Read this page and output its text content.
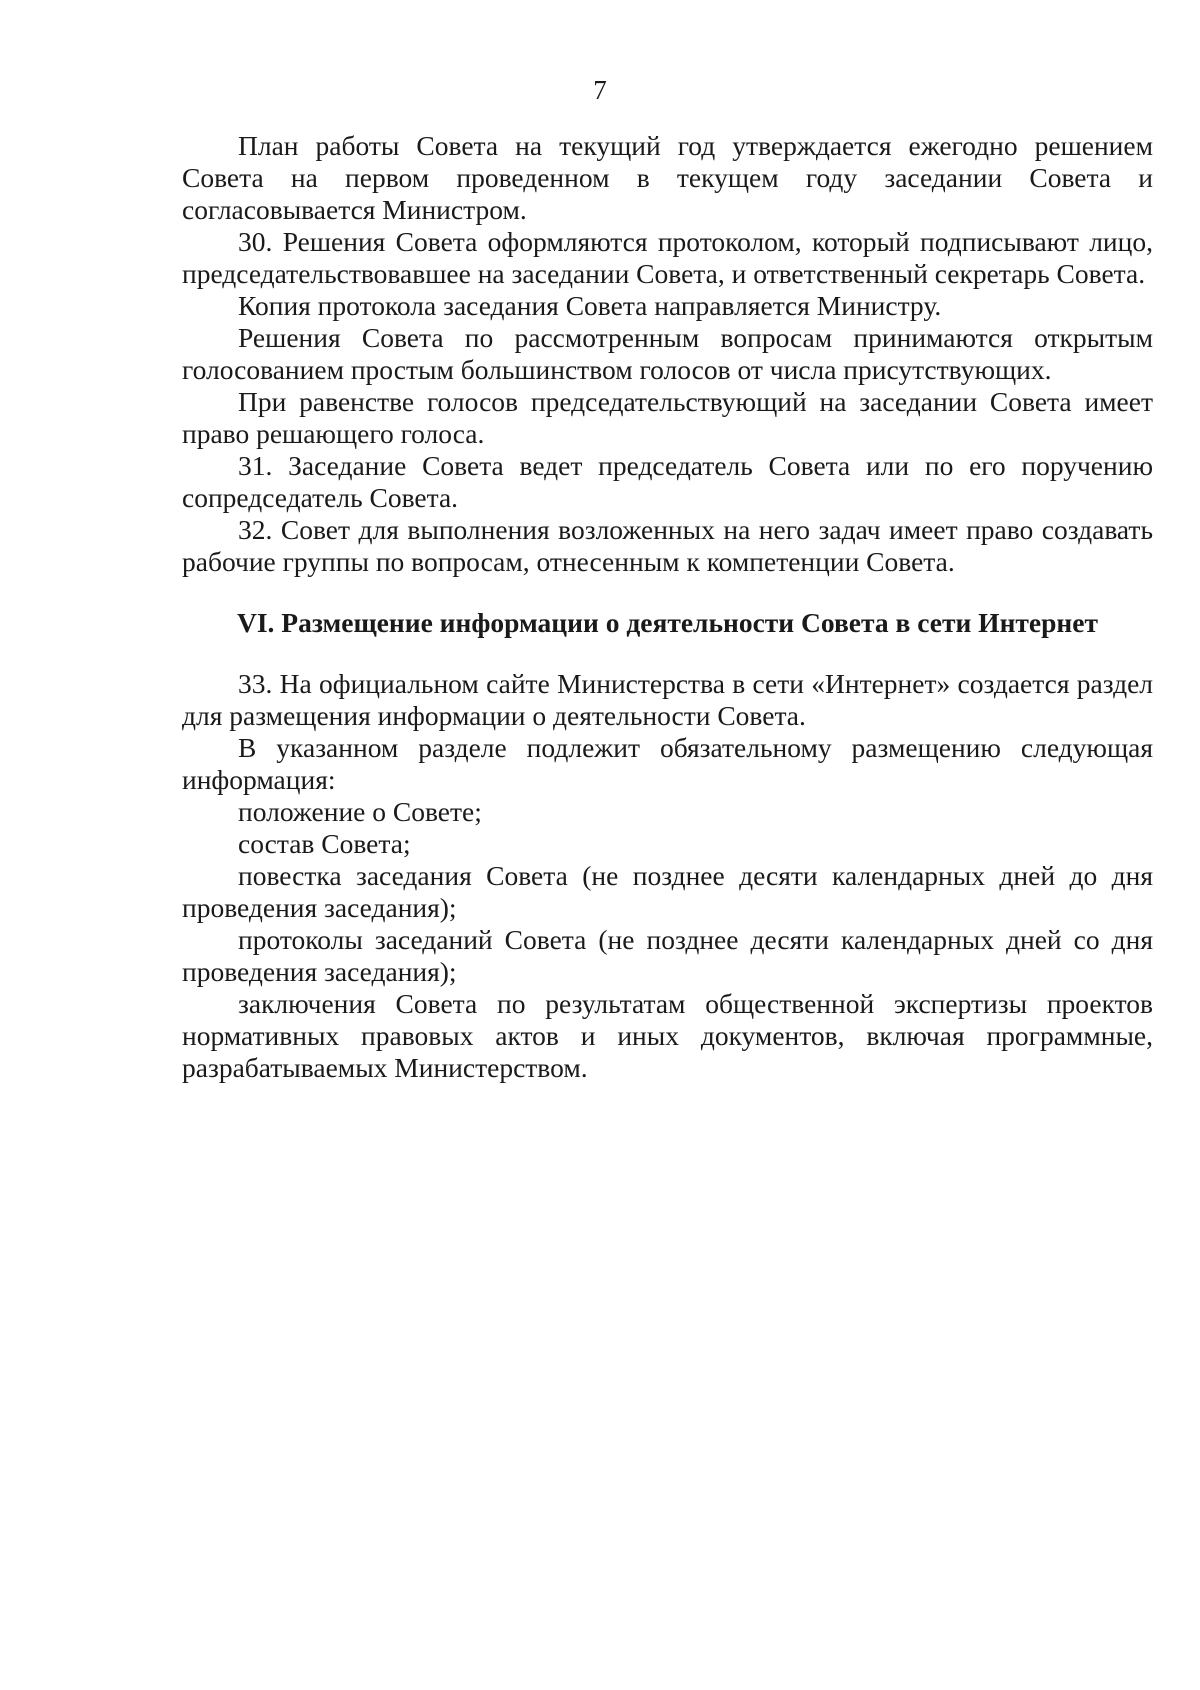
7

План работы Совета на текущий год утверждается ежегодно решением Совета на первом проведенном в текущем году заседании Совета и согласовывается Министром.

30. Решения Совета оформляются протоколом, который подписывают лицо, председательствовавшее на заседании Совета, и ответственный секретарь Совета.

Копия протокола заседания Совета направляется Министру.

Решения Совета по рассмотренным вопросам принимаются открытым голосованием простым большинством голосов от числа присутствующих.

При равенстве голосов председательствующий на заседании Совета имеет право решающего голоса.

31. Заседание Совета ведет председатель Совета или по его поручению сопредседатель Совета.

32. Совет для выполнения возложенных на него задач имеет право создавать рабочие группы по вопросам, отнесенным к компетенции Совета.

VI. Размещение информации о деятельности Совета в сети Интернет

33. На официальном сайте Министерства в сети «Интернет» создается раздел для размещения информации о деятельности Совета.

В указанном разделе подлежит обязательному размещению следующая информация:

положение о Совете;

состав Совета;

повестка заседания Совета (не позднее десяти календарных дней до дня проведения заседания);

протоколы заседаний Совета (не позднее десяти календарных дней со дня проведения заседания);

заключения Совета по результатам общественной экспертизы проектов нормативных правовых актов и иных документов, включая программные, разрабатываемых Министерством.
